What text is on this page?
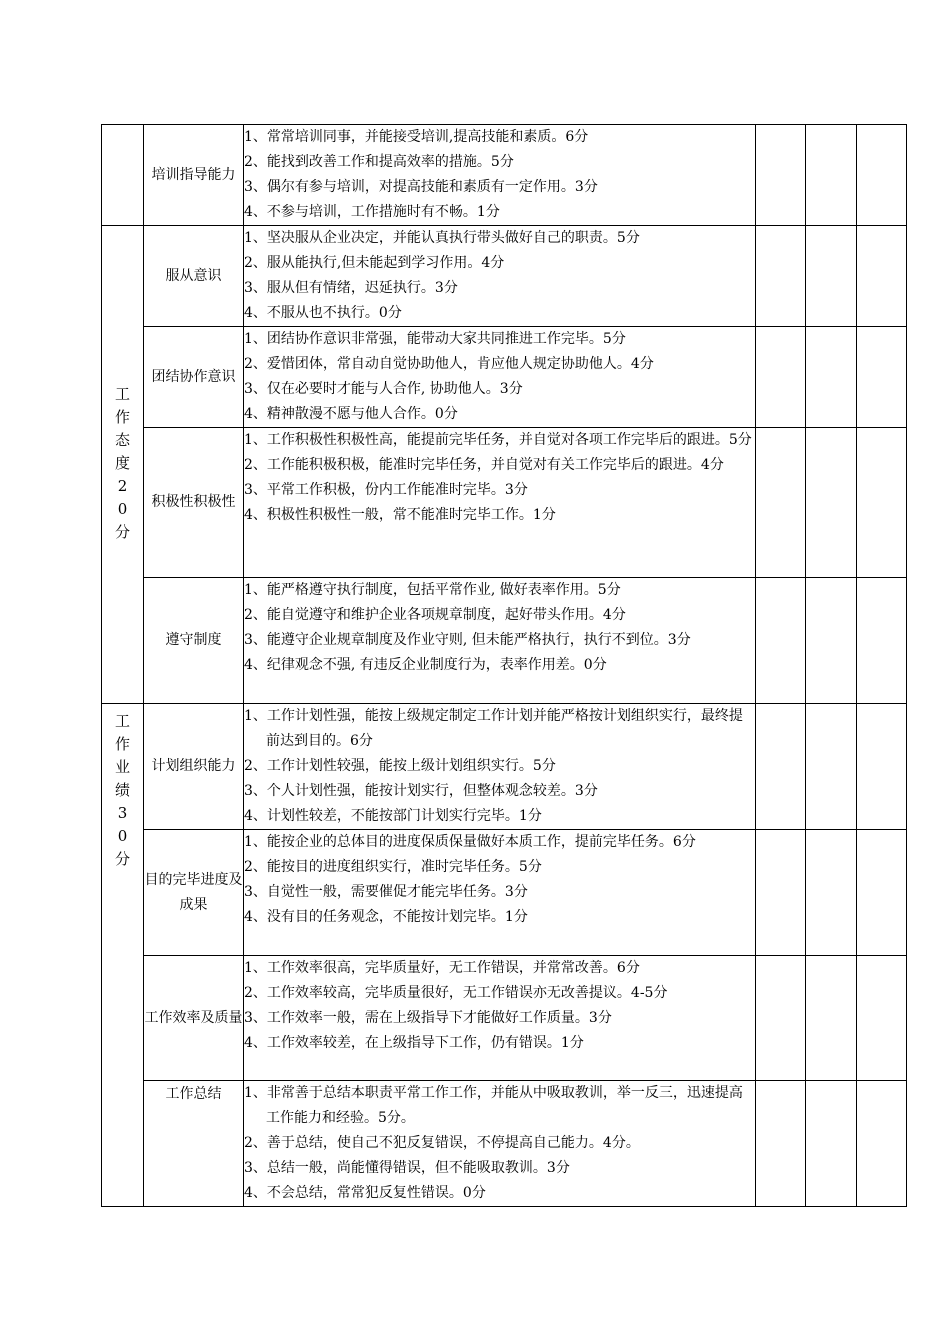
	培训指导能力	1、常常培训同事，并能接受培训,提高技能和素质。6分
2、能找到改善工作和提高效率的措施。5分
3、偶尔有参与培训，对提高技能和素质有一定作用。3分
4、不参与培训，工作措施时有不畅。1分			

工作态度20分	服从意识	1、坚决服从企业决定，并能认真执行带头做好自己的职责。5分
2、服从能执行,但未能起到学习作用。4分
3、服从但有情绪，迟延执行。3分
4、不服从也不执行。0分			

	团结协作意识	1、团结协作意识非常强，能带动大家共同推进工作完毕。5分
2、爱惜团体，常自动自觉协助他人，肯应他人规定协助他人。4分
3、仅在必要时才能与人合作, 协助他人。3分
4、精神散漫不愿与他人合作。0分			

	积极性积极性	1、工作积极性积极性高，能提前完毕任务，并自觉对各项工作完毕后的跟进。5分
2、工作能积极积极，能准时完毕任务，并自觉对有关工作完毕后的跟进。4分
3、平常工作积极，份内工作能准时完毕。3分
4、积极性积极性一般，常不能准时完毕工作。1分			

	遵守制度	1、能严格遵守执行制度，包括平常作业, 做好表率作用。5分
2、能自觉遵守和维护企业各项规章制度，起好带头作用。4分
3、能遵守企业规章制度及作业守则, 但未能严格执行，执行不到位。3分
4、纪律观念不强, 有违反企业制度行为，表率作用差。0分			

工作业绩30分	计划组织能力	1、工作计划性强，能按上级规定制定工作计划并能严格按计划组织实行，最终提前达到目的。6分
2、工作计划性较强，能按上级计划组织实行。5分
3、个人计划性强，能按计划实行，但整体观念较差。3分
4、计划性较差，不能按部门计划实行完毕。1分			

	目的完毕进度及成果	1、能按企业的总体目的进度保质保量做好本质工作，提前完毕任务。6分
2、能按目的进度组织实行，准时完毕任务。5分
3、自觉性一般，需要催促才能完毕任务。3分
4、没有目的任务观念，不能按计划完毕。1分			

	工作效率及质量	1、工作效率很高，完毕质量好，无工作错误，并常常改善。6分
2、工作效率较高，完毕质量很好，无工作错误亦无改善提议。4-5分
3、工作效率一般，需在上级指导下才能做好工作质量。3分
4、工作效率较差，在上级指导下工作，仍有错误。1分			

	工作总结	1、非常善于总结本职责平常工作工作，并能从中吸取教训，举一反三，迅速提高工作能力和经验。5分。
2、善于总结，使自己不犯反复错误，不停提高自己能力。4分。
3、总结一般，尚能懂得错误，但不能吸取教训。3分
4、不会总结，常常犯反复性错误。0分			
